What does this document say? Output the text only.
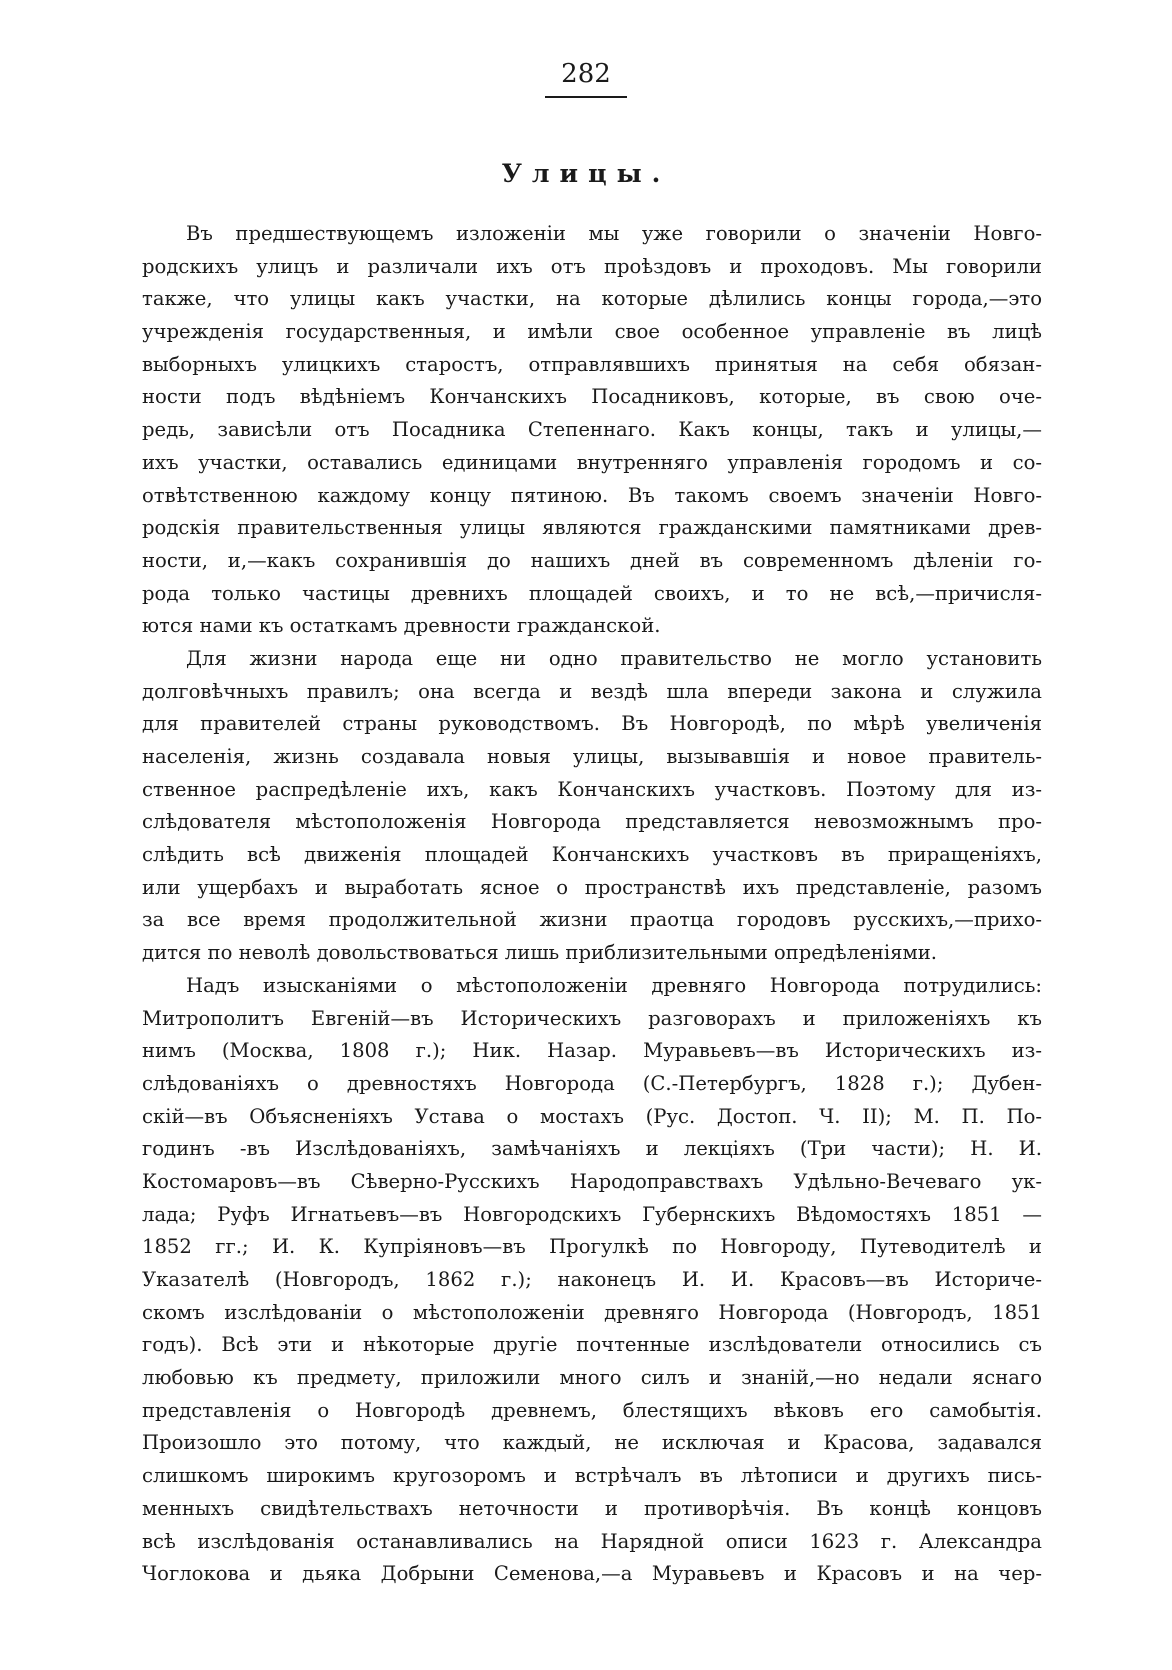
282
Улицы.
Въ предшествующемъ изложенiи мы уже говорили о значенiи Новго-
родскихъ улицъ и различали ихъ отъ проѣздовъ и проходовъ. Мы говорили
также, что улицы какъ участки, на которые дѣлились концы города,—это
учрежденiя государственныя, и имѣли свое особенное управленiе въ лицѣ
выборныхъ улицкихъ старостъ, отправлявшихъ принятыя на себя обязан-
ности подъ вѣдѣнiемъ Кончанскихъ Посадниковъ, которые, въ свою оче-
редь, зависѣли отъ Посадника Степеннаго. Какъ концы, такъ и улицы,—
ихъ участки, оставались единицами внутренняго управленiя городомъ и со-
отвѣтственною каждому концу пятиною. Въ такомъ своемъ значенiи Новго-
родскiя правительственныя улицы являются гражданскими памятниками древ-
ности, и,—какъ сохранившiя до нашихъ дней въ современномъ дѣленiи го-
рода только частицы древнихъ площадей своихъ, и то не всѣ,—причисля-
ются нами къ остаткамъ древности гражданской.
Для жизни народа еще ни одно правительство не могло установить
долговѣчныхъ правилъ; она всегда и вездѣ шла впереди закона и служила
для правителей страны руководствомъ. Въ Новгородѣ, по мѣрѣ увеличенiя
населенiя, жизнь создавала новыя улицы, вызывавшiя и новое правитель-
ственное распредѣленiе ихъ, какъ Кончанскихъ участковъ. Поэтому для из-
слѣдователя мѣстоположенiя Новгорода представляется невозможнымъ про-
слѣдить всѣ движенiя площадей Кончанскихъ участковъ въ приращенiяхъ,
или ущербахъ и выработать ясное о пространствѣ ихъ представленiе, разомъ
за все время продолжительной жизни праотца городовъ русскихъ,—прихо-
дится по неволѣ довольствоваться лишь приблизительными опредѣленiями.
Надъ изысканiями о мѣстоположенiи древняго Новгорода потрудились:
Митрополитъ Евгенiй—въ Историческихъ разговорахъ и приложенiяхъ къ
нимъ (Москва, 1808 г.); Ник. Назар. Муравьевъ—въ Историческихъ из-
слѣдованiяхъ о древностяхъ Новгорода (С.-Петербургъ, 1828 г.); Дубен-
скiй—въ Объясненiяхъ Устава о мостахъ (Рус. Достоп. Ч. II); М. П. По-
годинъ -въ Изслѣдованiяхъ, замѣчанiяхъ и лекцiяхъ (Три части); Н. И.
Костомаровъ—въ Сѣверно-Русскихъ Народоправствахъ Удѣльно-Вечеваго ук-
лада; Руфъ Игнатьевъ—въ Новгородскихъ Губернскихъ Вѣдомостяхъ 1851 —
1852 гг.; И. К. Купрiяновъ—въ Прогулкѣ по Новгороду, Путеводителѣ и
Указателѣ (Новгородъ, 1862 г.); наконецъ И. И. Красовъ—въ Историче-
скомъ изслѣдованiи о мѣстоположенiи древняго Новгорода (Новгородъ, 1851
годъ). Всѣ эти и нѣкоторые другiе почтенные изслѣдователи относились съ
любовью къ предмету, приложили много силъ и знанiй,—но недали яснаго
представленiя о Новгородѣ древнемъ, блестящихъ вѣковъ его самобытiя.
Произошло это потому, что каждый, не исключая и Красова, задавался
слишкомъ широкимъ кругозоромъ и встрѣчалъ въ лѣтописи и другихъ пись-
менныхъ свидѣтельствахъ неточности и противорѣчiя. Въ концѣ концовъ
всѣ изслѣдованiя останавливались на Нарядной описи 1623 г. Александра
Чоглокова и дьяка Добрыни Семенова,—а Муравьевъ и Красовъ и на чер-
